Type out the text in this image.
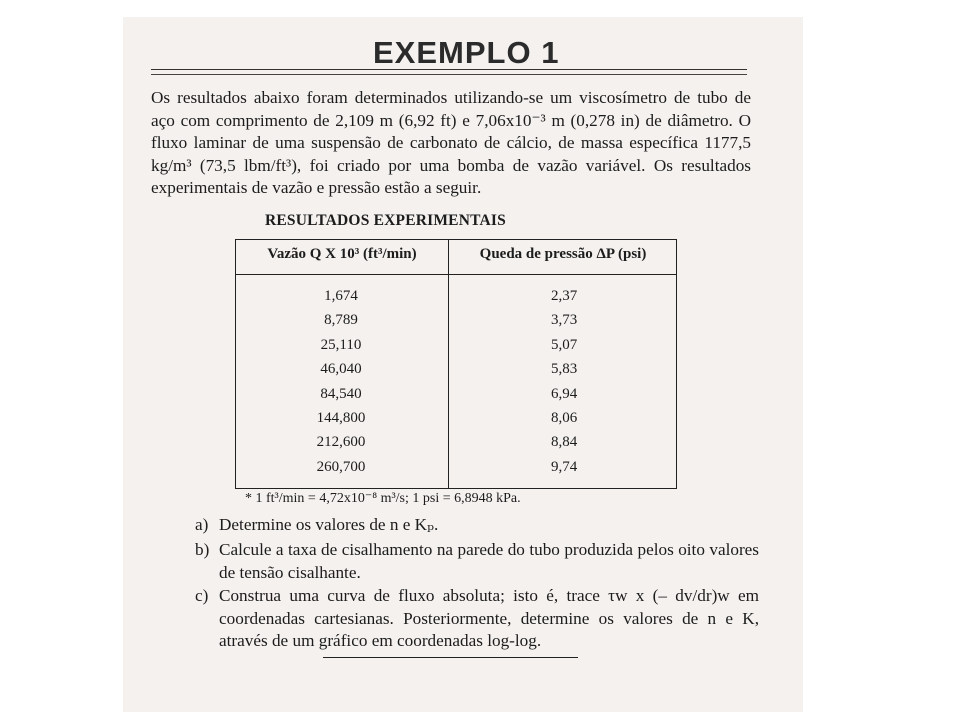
EXEMPLO 1

Os resultados abaixo foram determinados utilizando-se um viscosímetro de tubo de aço com comprimento de 2,109 m (6,92 ft) e 7,06x10⁻³ m (0,278 in) de diâmetro. O fluxo laminar de uma suspensão de carbonato de cálcio, de massa específica 1177,5 kg/m³ (73,5 lbm/ft³), foi criado por uma bomba de vazão variável. Os resultados experimentais de vazão e pressão estão a seguir.

RESULTADOS EXPERIMENTAIS
Vazão Q X 10³ (ft³/min)	Queda de pressão ΔP (psi)
1,674
8,789
25,110
46,040
84,540
144,800
212,600
260,700
2,37
3,73
5,07
5,83
6,94
8,06
8,84
9,74
* 1 ft³/min = 4,72x10⁻⁸ m³/s; 1 psi = 6,8948 kPa.
a) Determine os valores de n e Kₚ.
b) Calcule a taxa de cisalhamento na parede do tubo produzida pelos oito valores de tensão cisalhante.
c) Construa uma curva de fluxo absoluta; isto é, trace τw x (– dv/dr)w em coordenadas cartesianas. Posteriormente, determine os valores de n e K, através de um gráfico em coordenadas log-log.
